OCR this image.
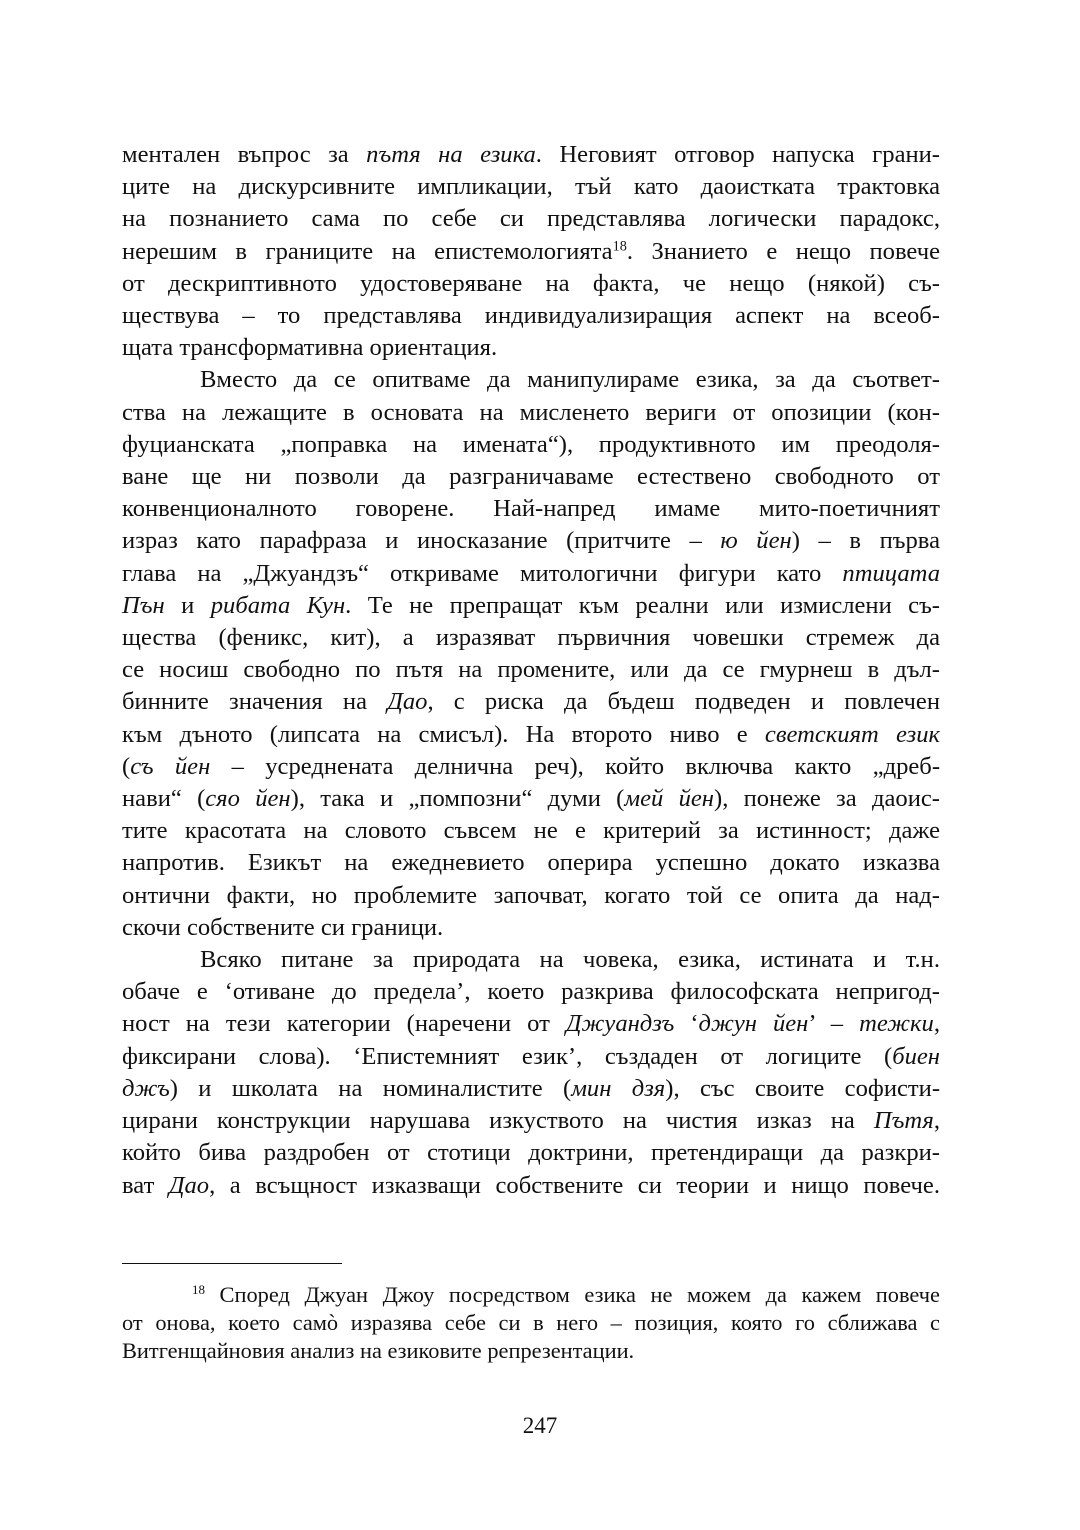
ментален въпрос за пътя на езика. Неговият отговор напуска грани-
ците на дискурсивните импликации, тъй като даоистката трактовка
на познанието сама по себе си представлява логически парадокс,
нерешим в границите на епистемологията$^{18}$. Знанието е нещо повече
от дескриптивното удостоверяване на факта, че нещо (някой) съ-
ществува – то представлява индивидуализиращия аспект на всеоб-
щата трансформативна ориентация.
Вместо да се опитваме да манипулираме езика, за да съответ-
ства на лежащите в основата на мисленето вериги от опозиции (кон-
фуцианската „поправка на имената“), продуктивното им преодоля-
ване ще ни позволи да разграничаваме естествено свободното от
конвенционалното говорене. Най-напред имаме мито-поетичният
израз като парафраза и иносказание (притчите – ю йен) – в първа
глава на „Джуандзъ“ откриваме митологични фигури като птицата
Пън и рибата Кун. Те не препращат към реални или измислени съ-
щества (феникс, кит), а изразяват първичния човешки стремеж да
се носиш свободно по пътя на промените, или да се гмурнеш в дъл-
бинните значения на Дао, с риска да бъдеш подведен и повлечен
към дъното (липсата на смисъл). На второто ниво е светският език
(съ йен – усреднената делнична реч), който включва както „дреб-
нави“ (сяо йен), така и „помпозни“ думи (мей йен), понеже за даоис-
тите красотата на словото съвсем не е критерий за истинност; даже
напротив. Езикът на ежедневието оперира успешно докато изказва
онтични факти, но проблемите започват, когато той се опита да над-
скочи собствените си граници.
Всяко питане за природата на човека, езика, истината и т.н.
обаче е ‘отиване до предела’, което разкрива философската непригод-
ност на тези категории (наречени от Джуандзъ ‘джун йен’ – тежки,
фиксирани слова). ‘Епистемният език’, създаден от логиците (биен
джъ) и школата на номиналистите (мин дзя), със своите софисти-
цирани конструкции нарушава изкуството на чистия изказ на Пътя,
който бива раздробен от стотици доктрини, претендиращи да разкри-
ват Дао, а всъщност изказващи собствените си теории и нищо повече.
$^{18}$ Според Джуан Джоу посредством езика не можем да кажем повече
от онова, което самò изразява себе си в него – позиция, която го сближава с
Витгенщайновия анализ на езиковите репрезентации.
247
